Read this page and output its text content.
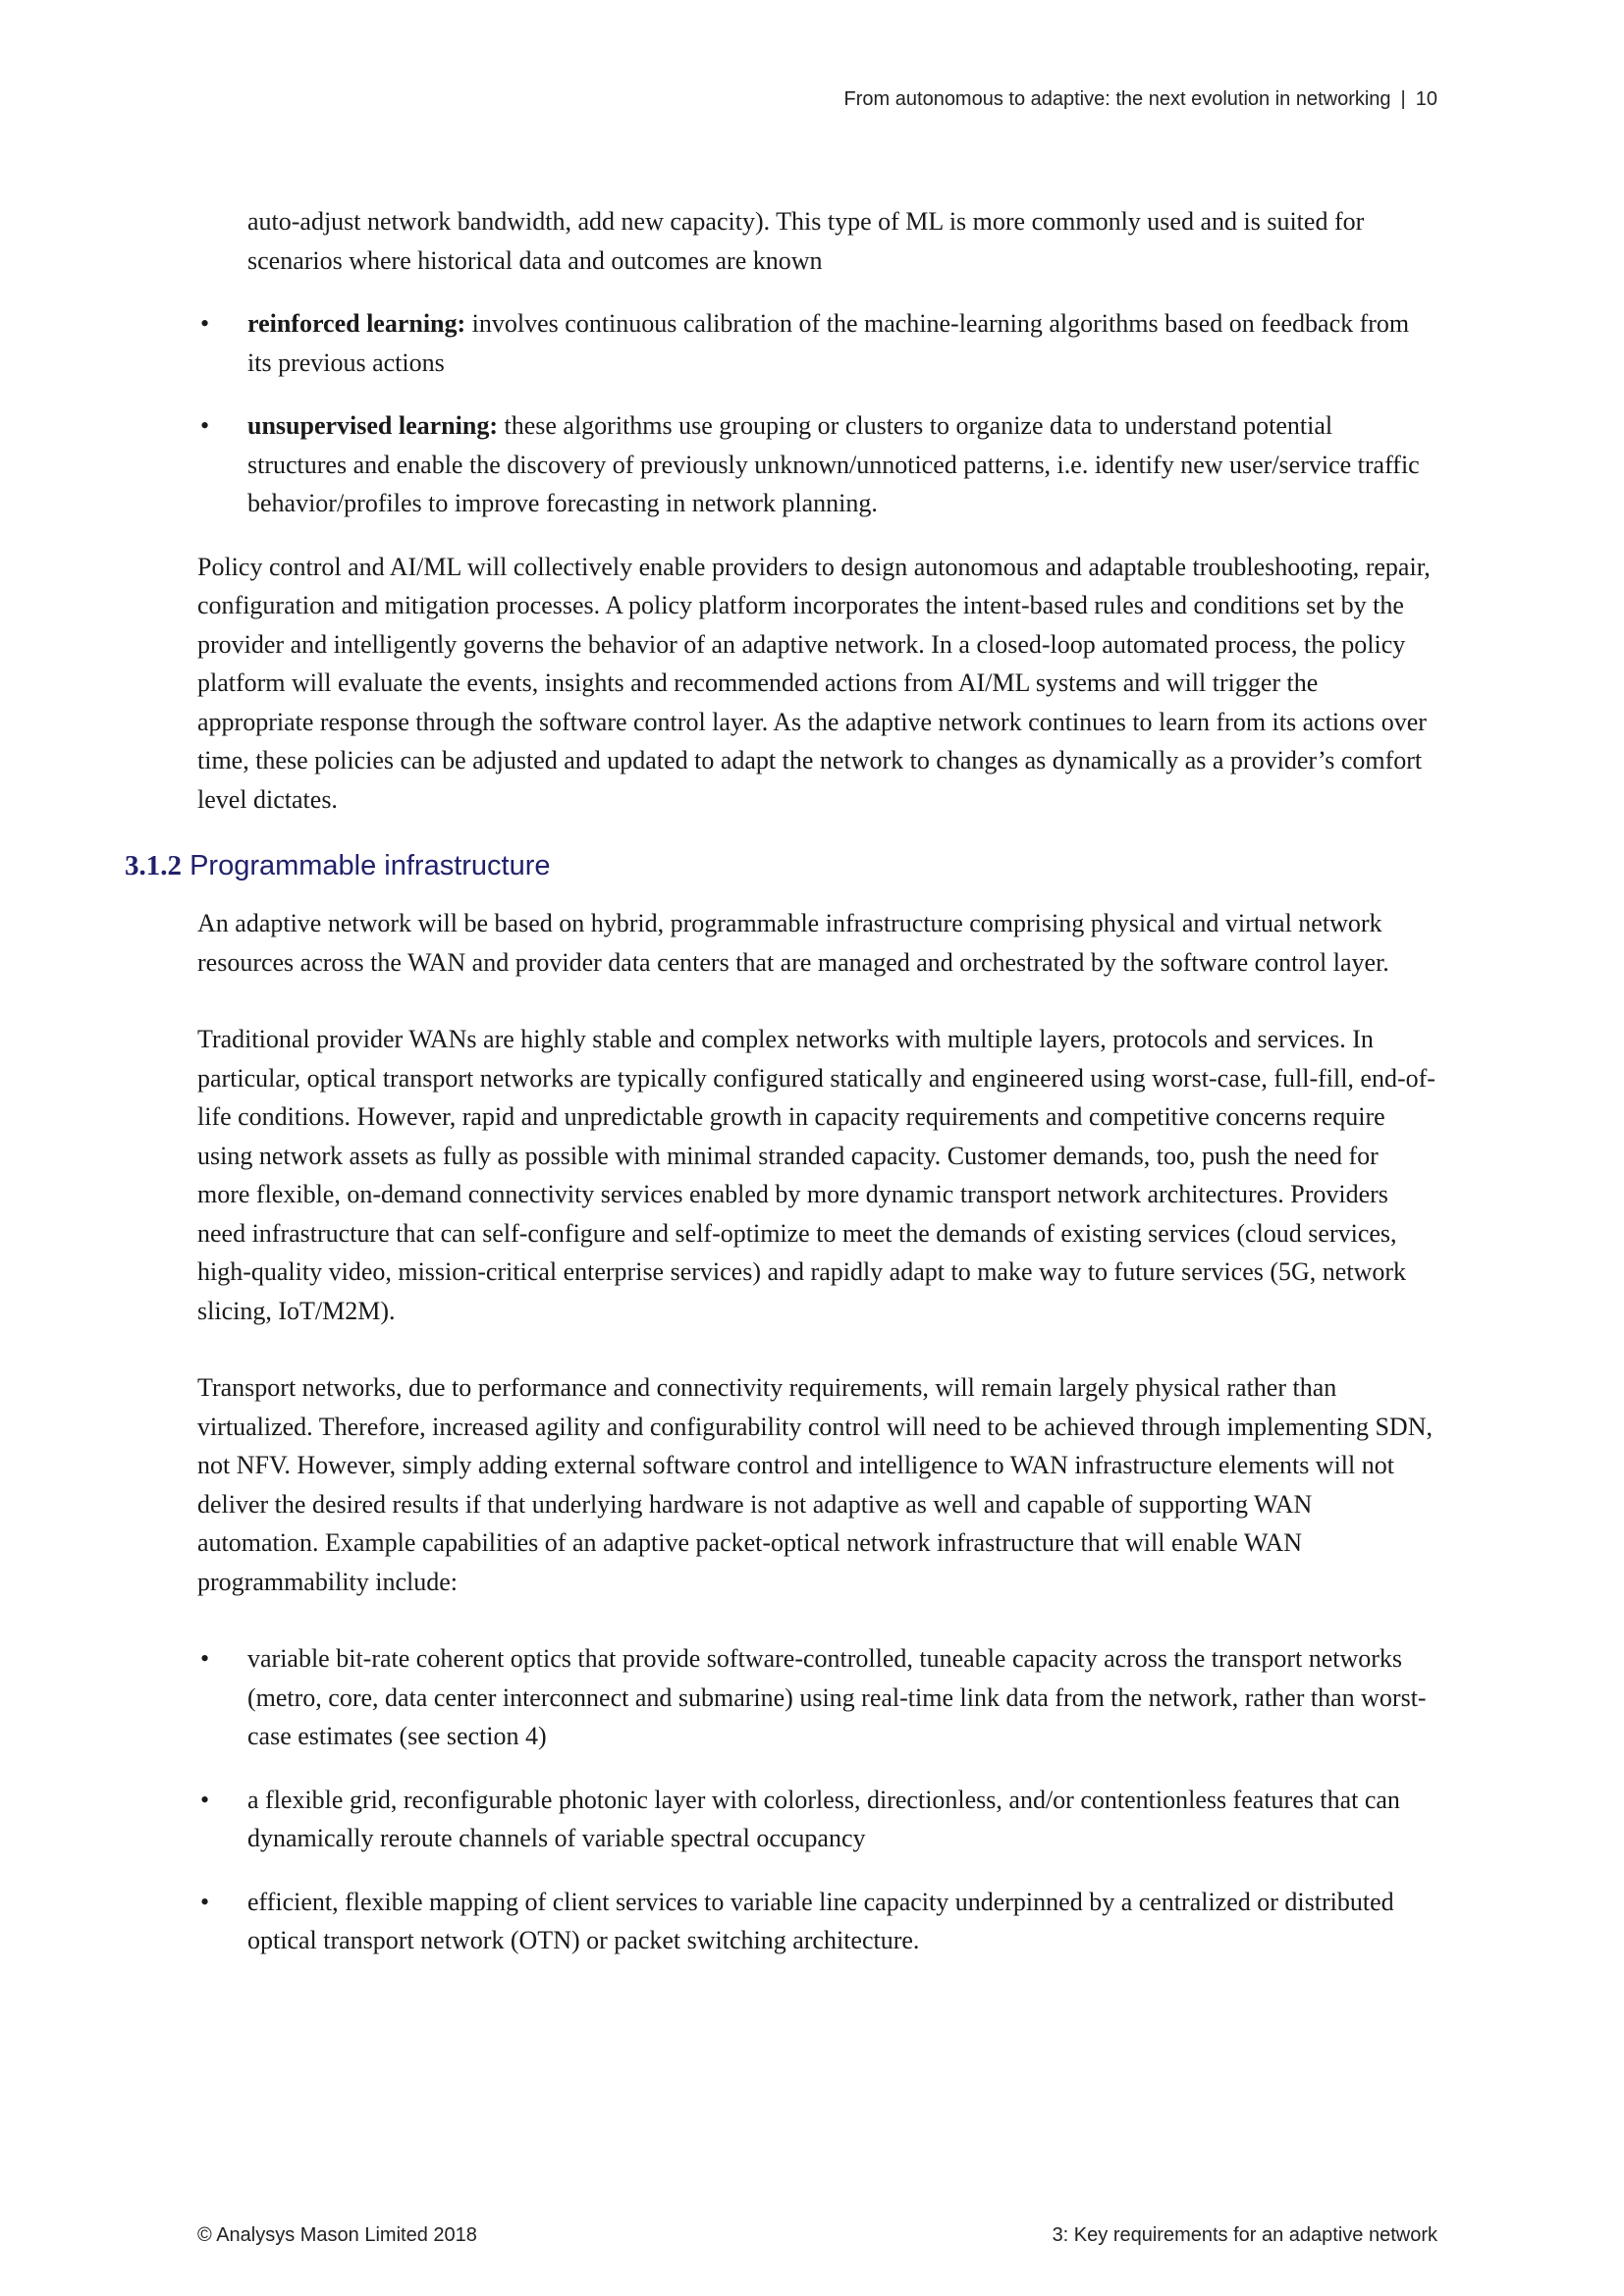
From autonomous to adaptive: the next evolution in networking | 10

auto-adjust network bandwidth, add new capacity). This type of ML is more commonly used and is suited for scenarios where historical data and outcomes are known

• reinforced learning: involves continuous calibration of the machine-learning algorithms based on feedback from its previous actions
• unsupervised learning: these algorithms use grouping or clusters to organize data to understand potential structures and enable the discovery of previously unknown/unnoticed patterns, i.e. identify new user/service traffic behavior/profiles to improve forecasting in network planning.

Policy control and AI/ML will collectively enable providers to design autonomous and adaptable troubleshooting, repair, configuration and mitigation processes. A policy platform incorporates the intent-based rules and conditions set by the provider and intelligently governs the behavior of an adaptive network. In a closed-loop automated process, the policy platform will evaluate the events, insights and recommended actions from AI/ML systems and will trigger the appropriate response through the software control layer. As the adaptive network continues to learn from its actions over time, these policies can be adjusted and updated to adapt the network to changes as dynamically as a provider’s comfort level dictates.

3.1.2 Programmable infrastructure

An adaptive network will be based on hybrid, programmable infrastructure comprising physical and virtual network resources across the WAN and provider data centers that are managed and orchestrated by the software control layer.

Traditional provider WANs are highly stable and complex networks with multiple layers, protocols and services. In particular, optical transport networks are typically configured statically and engineered using worst-case, full-fill, end-of-life conditions. However, rapid and unpredictable growth in capacity requirements and competitive concerns require using network assets as fully as possible with minimal stranded capacity. Customer demands, too, push the need for more flexible, on-demand connectivity services enabled by more dynamic transport network architectures. Providers need infrastructure that can self-configure and self-optimize to meet the demands of existing services (cloud services, high-quality video, mission-critical enterprise services) and rapidly adapt to make way to future services (5G, network slicing, IoT/M2M).

Transport networks, due to performance and connectivity requirements, will remain largely physical rather than virtualized. Therefore, increased agility and configurability control will need to be achieved through implementing SDN, not NFV. However, simply adding external software control and intelligence to WAN infrastructure elements will not deliver the desired results if that underlying hardware is not adaptive as well and capable of supporting WAN automation. Example capabilities of an adaptive packet-optical network infrastructure that will enable WAN programmability include:

• variable bit-rate coherent optics that provide software-controlled, tuneable capacity across the transport networks (metro, core, data center interconnect and submarine) using real-time link data from the network, rather than worst-case estimates (see section 4)
• a flexible grid, reconfigurable photonic layer with colorless, directionless, and/or contentionless features that can dynamically reroute channels of variable spectral occupancy
• efficient, flexible mapping of client services to variable line capacity underpinned by a centralized or distributed optical transport network (OTN) or packet switching architecture.
© Analysys Mason Limited 2018	3: Key requirements for an adaptive network
